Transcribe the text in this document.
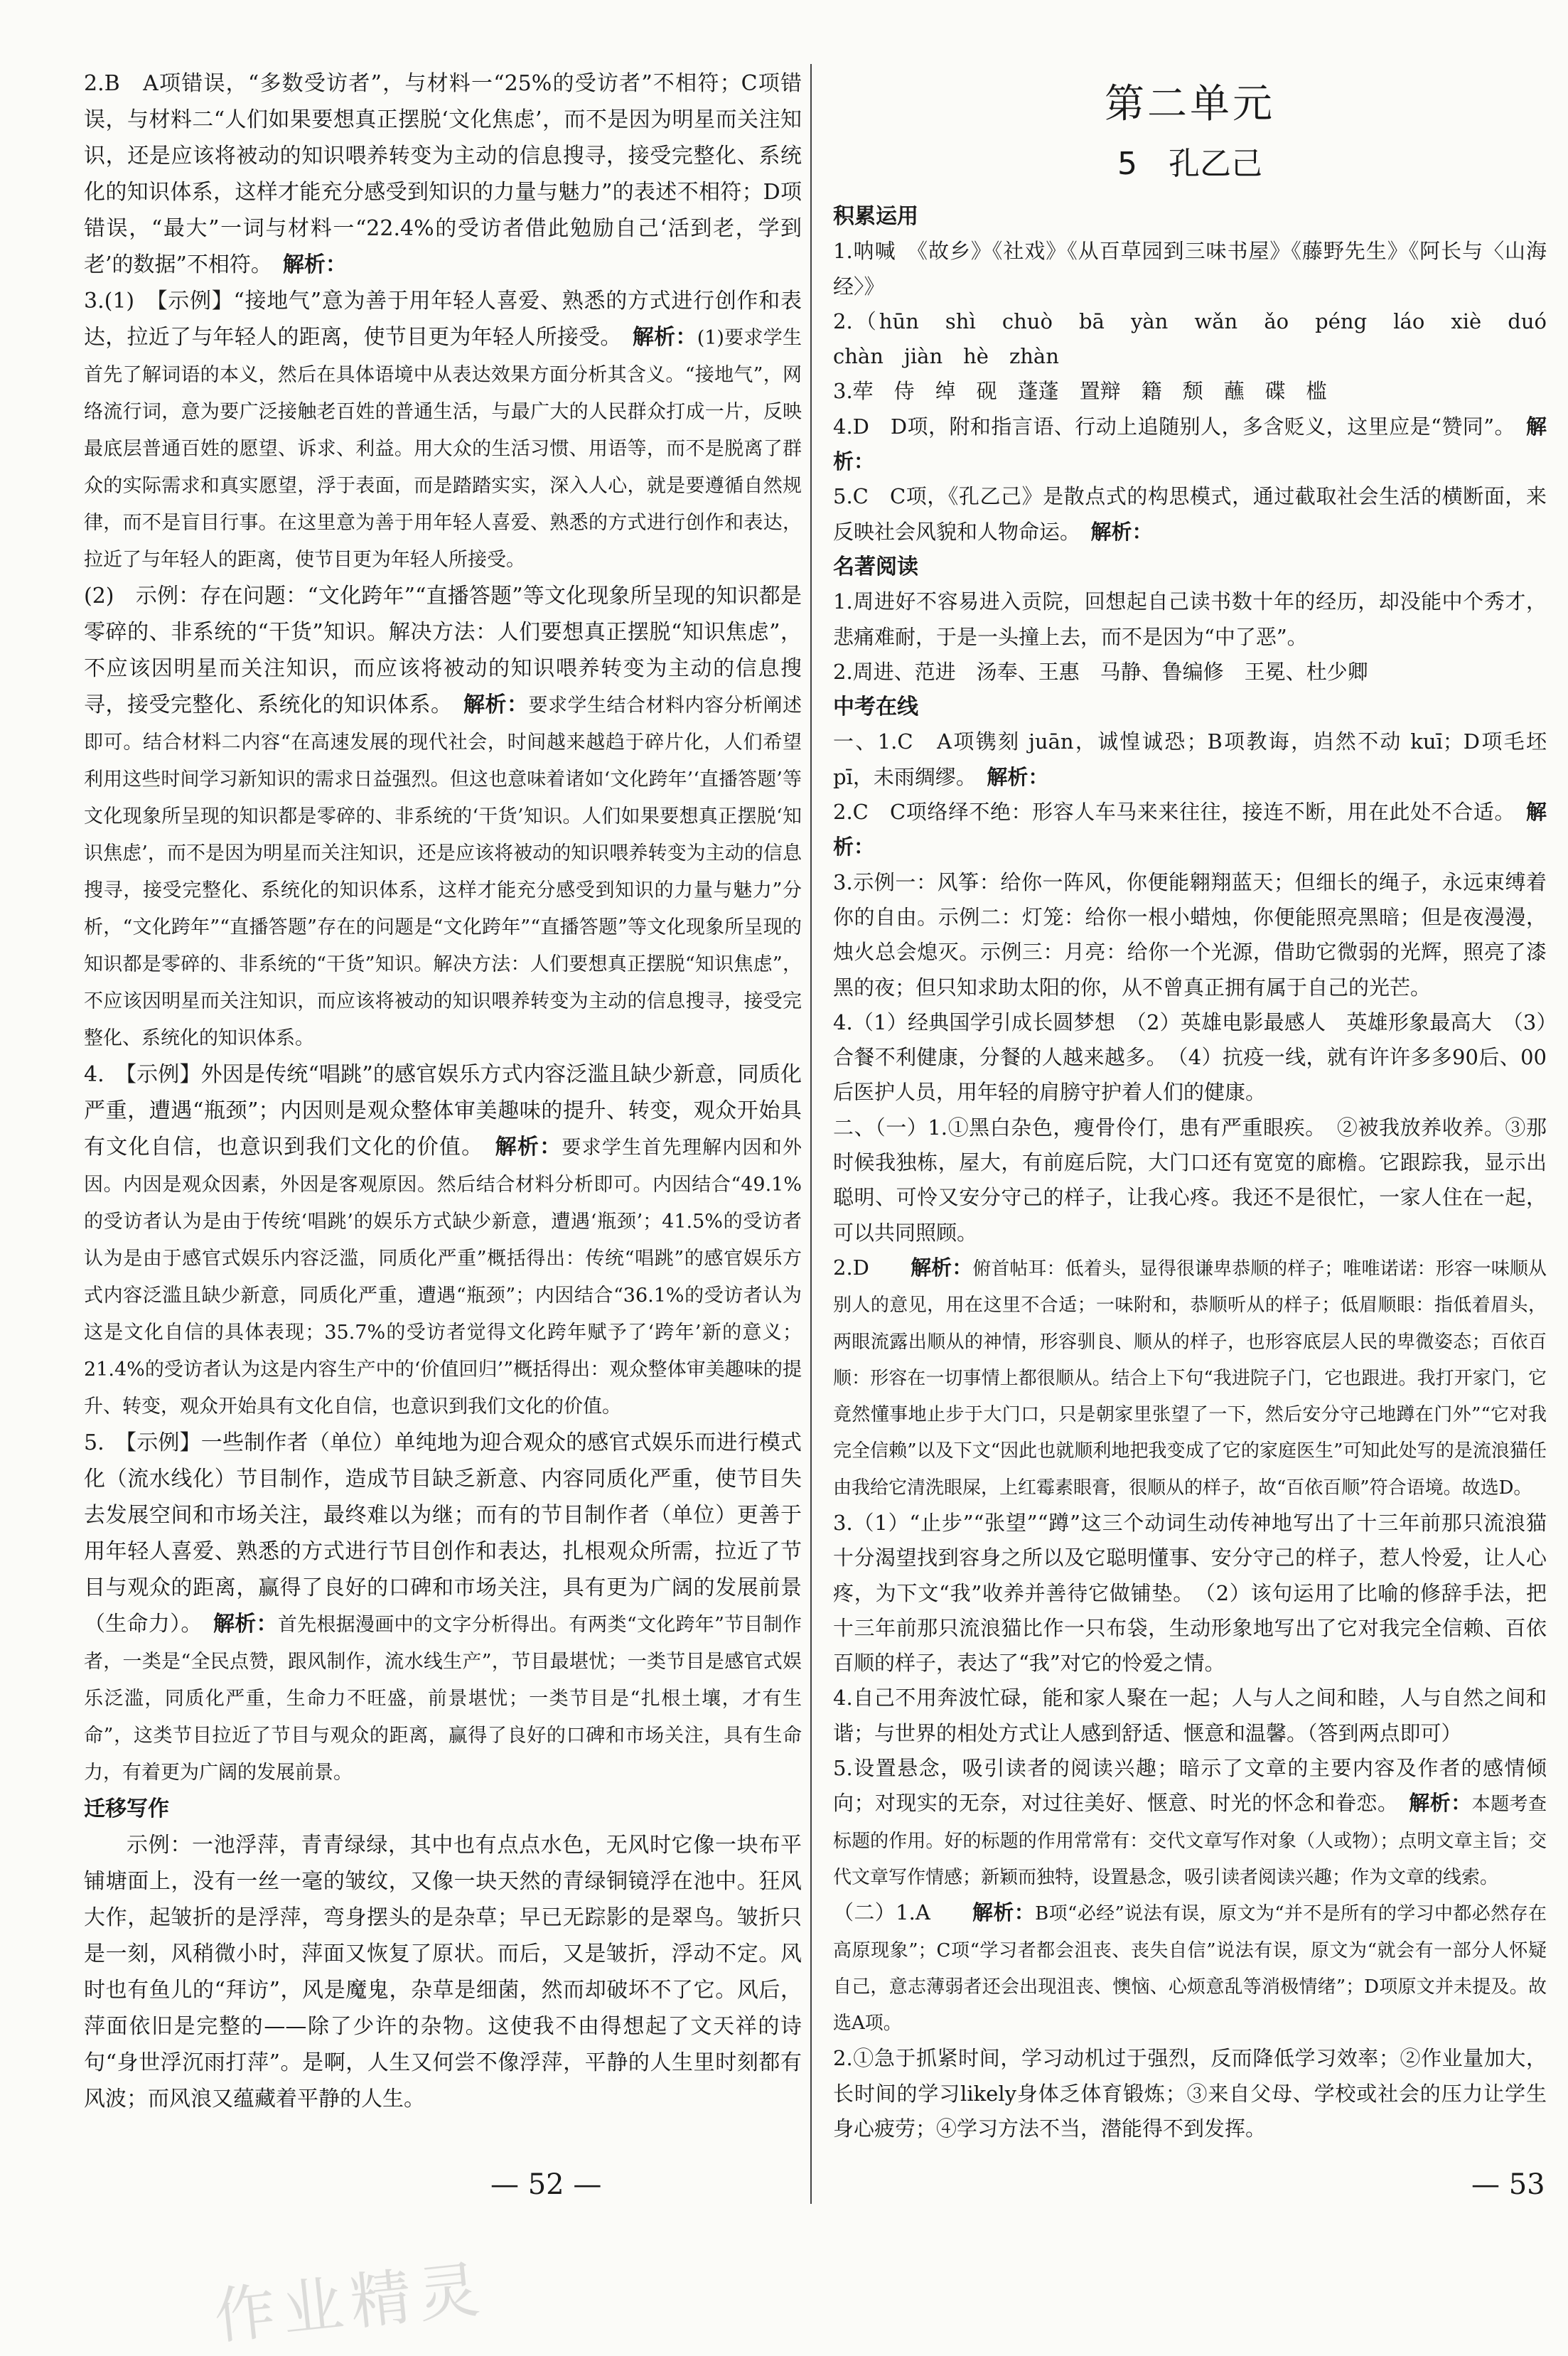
2.B　 A项错误，“多数受访者”，与材料一“25%的受访者”不相符；C项错误，与材料二“人们如果要想真正摆脱‘文化焦虑’，而不是因为明星而关注知识，还是应该将被动的知识喂养转变为主动的信息搜寻，接受完整化、系统化的知识体系，这样才能充分感受到知识的力量与魅力”的表述不相符；D项错误，“最大”一词与材料一“22.4%的受访者借此勉励自己‘活到老，学到老’的数据”不相符。　解析：

3.(1)　 【示例】“接地气”意为善于用年轻人喜爱、熟悉的方式进行创作和表达，拉近了与年轻人的距离，使节目更为年轻人所接受。　解析：(1)要求学生首先了解词语的本义，然后在具体语境中从表达效果方面分析其含义。“接地气”，网络流行词，意为要广泛接触老百姓的普通生活，与最广大的人民群众打成一片，反映最底层普通百姓的愿望、诉求、利益。用大众的生活习惯、用语等，而不是脱离了群众的实际需求和真实愿望，浮于表面，而是踏踏实实，深入人心，就是要遵循自然规律，而不是盲目行事。在这里意为善于用年轻人喜爱、熟悉的方式进行创作和表达，拉近了与年轻人的距离，使节目更为年轻人所接受。

(2)　 示例：存在问题：“文化跨年”“直播答题”等文化现象所呈现的知识都是零碎的、非系统的“干货”知识。解决方法：人们要想真正摆脱“知识焦虑”，不应该因明星而关注知识，而应该将被动的知识喂养转变为主动的信息搜寻，接受完整化、系统化的知识体系。　解析：要求学生结合材料内容分析阐述即可。结合材料二内容“在高速发展的现代社会，时间越来越趋于碎片化，人们希望利用这些时间学习新知识的需求日益强烈。但这也意味着诸如‘文化跨年’‘直播答题’等文化现象所呈现的知识都是零碎的、非系统的‘干货’知识。人们如果要想真正摆脱‘知识焦虑’，而不是因为明星而关注知识，还是应该将被动的知识喂养转变为主动的信息搜寻，接受完整化、系统化的知识体系，这样才能充分感受到知识的力量与魅力”分析，“文化跨年”“直播答题”存在的问题是“文化跨年”“直播答题”等文化现象所呈现的知识都是零碎的、非系统的“干货”知识。解决方法：人们要想真正摆脱“知识焦虑”，不应该因明星而关注知识，而应该将被动的知识喂养转变为主动的信息搜寻，接受完整化、系统化的知识体系。

4.　 【示例】外因是传统“唱跳”的感官娱乐方式内容泛滥且缺少新意，同质化严重，遭遇“瓶颈”；内因则是观众整体审美趣味的提升、转变，观众开始具有文化自信，也意识到我们文化的价值。　解析：要求学生首先理解内因和外因。内因是观众因素，外因是客观原因。然后结合材料分析即可。内因结合“49.1%的受访者认为是由于传统‘唱跳’的娱乐方式缺少新意，遭遇‘瓶颈’；41.5%的受访者认为是由于感官式娱乐内容泛滥，同质化严重”概括得出：传统“唱跳”的感官娱乐方式内容泛滥且缺少新意，同质化严重，遭遇“瓶颈”；内因结合“36.1%的受访者认为这是文化自信的具体表现；35.7%的受访者觉得文化跨年赋予了‘跨年’新的意义；21.4%的受访者认为这是内容生产中的‘价值回归’”概括得出：观众整体审美趣味的提升、转变，观众开始具有文化自信，也意识到我们文化的价值。

5.　 【示例】一些制作者（单位）单纯地为迎合观众的感官式娱乐而进行模式化（流水线化）节目制作，造成节目缺乏新意、内容同质化严重，使节目失去发展空间和市场关注，最终难以为继；而有的节目制作者（单位）更善于用年轻人喜爱、熟悉的方式进行节目创作和表达，扎根观众所需，拉近了节目与观众的距离，赢得了良好的口碑和市场关注，具有更为广阔的发展前景（生命力）。　解析：首先根据漫画中的文字分析得出。有两类“文化跨年”节目制作者，一类是“全民点赞，跟风制作，流水线生产”，节目最堪忧；一类节目是感官式娱乐泛滥，同质化严重，生命力不旺盛，前景堪忧；一类节目是“扎根土壤，才有生命”，这类节目拉近了节目与观众的距离，赢得了良好的口碑和市场关注，具有生命力，有着更为广阔的发展前景。

迁移写作

示例：一池浮萍，青青绿绿，其中也有点点水色，无风时它像一块布平铺塘面上，没有一丝一毫的皱纹，又像一块天然的青绿铜镜浮在池中。狂风大作，起皱折的是浮萍，弯身摆头的是杂草；早已无踪影的是翠鸟。皱折只是一刻，风稍微小时，萍面又恢复了原状。而后，又是皱折，浮动不定。风时也有鱼儿的“拜访”，风是魔鬼，杂草是细菌，然而却破坏不了它。风后，萍面依旧是完整的——除了少许的杂物。这使我不由得想起了文天祥的诗句“身世浮沉雨打萍”。是啊，人生又何尝不像浮萍，平静的人生里时刻都有风波；而风浪又蕴藏着平静的人生。

第二单元
5　孔乙己

积累运用

1.呐喊　《故乡》《社戏》《从百草园到三味书屋》《藤野先生》《阿长与〈山海经〉》

2.（hūn　shì　chuò　bā　yàn　wǎn　ǎo　péng　láo　xiè　duó　chàn　jiàn　hè　zhàn

3.荦　侍　绰　砚　蓬蓬　置辩　籍　颓　蘸　碟　槛

4.D　 D项，附和指言语、行动上追随别人，多含贬义，这里应是“赞同”。　解析：

5.C　 C项，《孔乙己》是散点式的构思模式，通过截取社会生活的横断面，来反映社会风貌和人物命运。　解析：

名著阅读

1.周进好不容易进入贡院，回想起自己读书数十年的经历，却没能中个秀才，悲痛难耐，于是一头撞上去，而不是因为“中了恶”。

2.周进、范进　汤奉、王惠　马静、鲁编修　王冕、杜少卿

中考在线

一、1.C　 A项镌刻 juān，诚惶诚恐；B项教诲，岿然不动 kuī；D项毛坯 pī，未雨绸缪。　解析：

2.C　 C项络绎不绝：形容人车马来来往往，接连不断，用在此处不合适。　解析：

3.示例一：风筝：给你一阵风，你便能翱翔蓝天；但细长的绳子，永远束缚着你的自由。示例二：灯笼：给你一根小蜡烛，你便能照亮黑暗；但是夜漫漫，烛火总会熄灭。示例三：月亮：给你一个光源，借助它微弱的光辉，照亮了漆黑的夜；但只知求助太阳的你，从不曾真正拥有属于自己的光芒。

4.（1）经典国学引成长圆梦想　（2）英雄电影最感人　英雄形象最高大　（3）合餐不利健康，分餐的人越来越多。　（4）抗疫一线，就有许许多多90后、00后医护人员，用年轻的肩膀守护着人们的健康。

二、（一）1.①黑白杂色，瘦骨伶仃，患有严重眼疾。　②被我放养收养。③那时候我独栋，屋大，有前庭后院，大门口还有宽宽的廊檐。它跟踪我，显示出聪明、可怜又安分守己的样子，让我心疼。我还不是很忙，一家人住在一起，可以共同照顾。

2.D　　解析：俯首帖耳：低着头，显得很谦卑恭顺的样子；唯唯诺诺：形容一味顺从别人的意见，用在这里不合适；一味附和，恭顺听从的样子；低眉顺眼：指低着眉头，两眼流露出顺从的神情，形容驯良、顺从的样子，也形容底层人民的卑微姿态；百依百顺：形容在一切事情上都很顺从。结合上下句“我进院子门，它也跟进。我打开家门，它竟然懂事地止步于大门口，只是朝家里张望了一下，然后安分守己地蹲在门外”“它对我完全信赖”以及下文“因此也就顺利地把我变成了它的家庭医生”可知此处写的是流浪猫任由我给它清洗眼屎，上红霉素眼膏，很顺从的样子，故“百依百顺”符合语境。故选D。

3.（1）“止步”“张望”“蹲”这三个动词生动传神地写出了十三年前那只流浪猫十分渴望找到容身之所以及它聪明懂事、安分守己的样子，惹人怜爱，让人心疼，为下文“我”收养并善待它做铺垫。　（2）该句运用了比喻的修辞手法，把十三年前那只流浪猫比作一只布袋，生动形象地写出了它对我完全信赖、百依百顺的样子，表达了“我”对它的怜爱之情。

4.自己不用奔波忙碌，能和家人聚在一起；人与人之间和睦，人与自然之间和谐；与世界的相处方式让人感到舒适、惬意和温馨。（答到两点即可）

5.设置悬念，吸引读者的阅读兴趣；暗示了文章的主要内容及作者的感情倾向；对现实的无奈，对过往美好、惬意、时光的怀念和眷恋。　解析：本题考查标题的作用。好的标题的作用常常有：交代文章写作对象（人或物）；点明文章主旨；交代文章写作情感；新颖而独特，设置悬念，吸引读者阅读兴趣；作为文章的线索。

（二）1.A　　解析：B项“必经”说法有误，原文为“并不是所有的学习中都必然存在高原现象”；C项“学习者都会沮丧、丧失自信”说法有误，原文为“就会有一部分人怀疑自己，意志薄弱者还会出现沮丧、懊恼、心烦意乱等消极情绪”；D项原文并未提及。故选A项。

2.①急于抓紧时间，学习动机过于强烈，反而降低学习效率；②作业量加大，长时间的学习likely身体乏体育锻炼；③来自父母、学校或社会的压力让学生身心疲劳；④学习方法不当，潜能得不到发挥。

— 52 —	— 53
作业精灵
